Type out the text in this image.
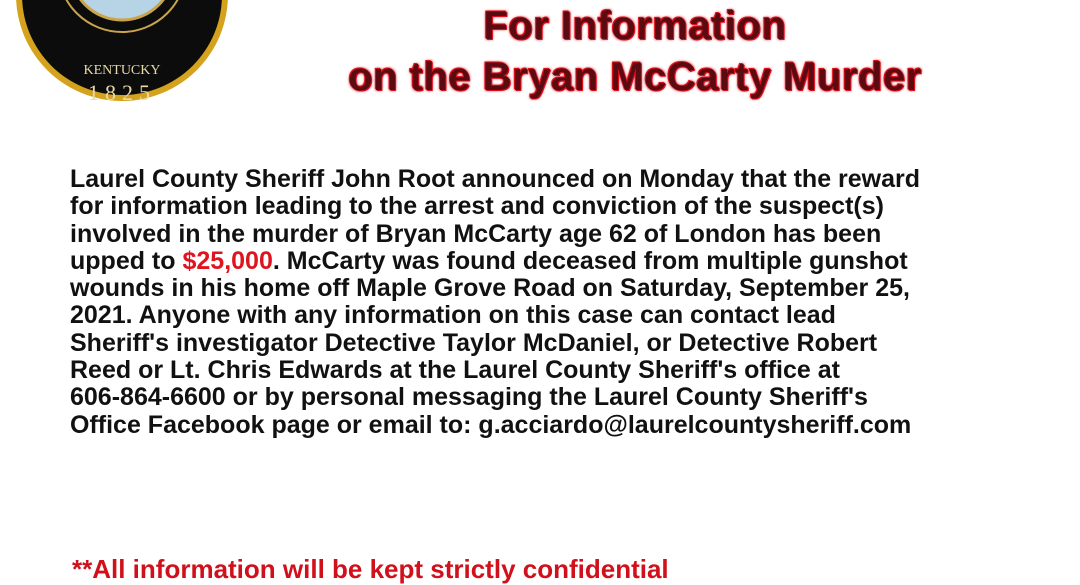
KENTUCKY
1825
For Information
on the Bryan McCarty Murder
Laurel County Sheriff John Root announced on Monday that the reward
for information leading to the arrest and conviction of the suspect(s)
involved in the murder of Bryan McCarty age 62 of London has been
upped to $25,000. McCarty was found deceased from multiple gunshot
wounds in his home off Maple Grove Road on Saturday, September 25,
2021. Anyone with any information on this case can contact lead
Sheriff's investigator Detective Taylor McDaniel, or Detective Robert
Reed or Lt. Chris Edwards at the Laurel County Sheriff's office at
606-864-6600 or by personal messaging the Laurel County Sheriff's
Office Facebook page or email to: g.acciardo@laurelcountysheriff.com
**All information will be kept strictly confidential
